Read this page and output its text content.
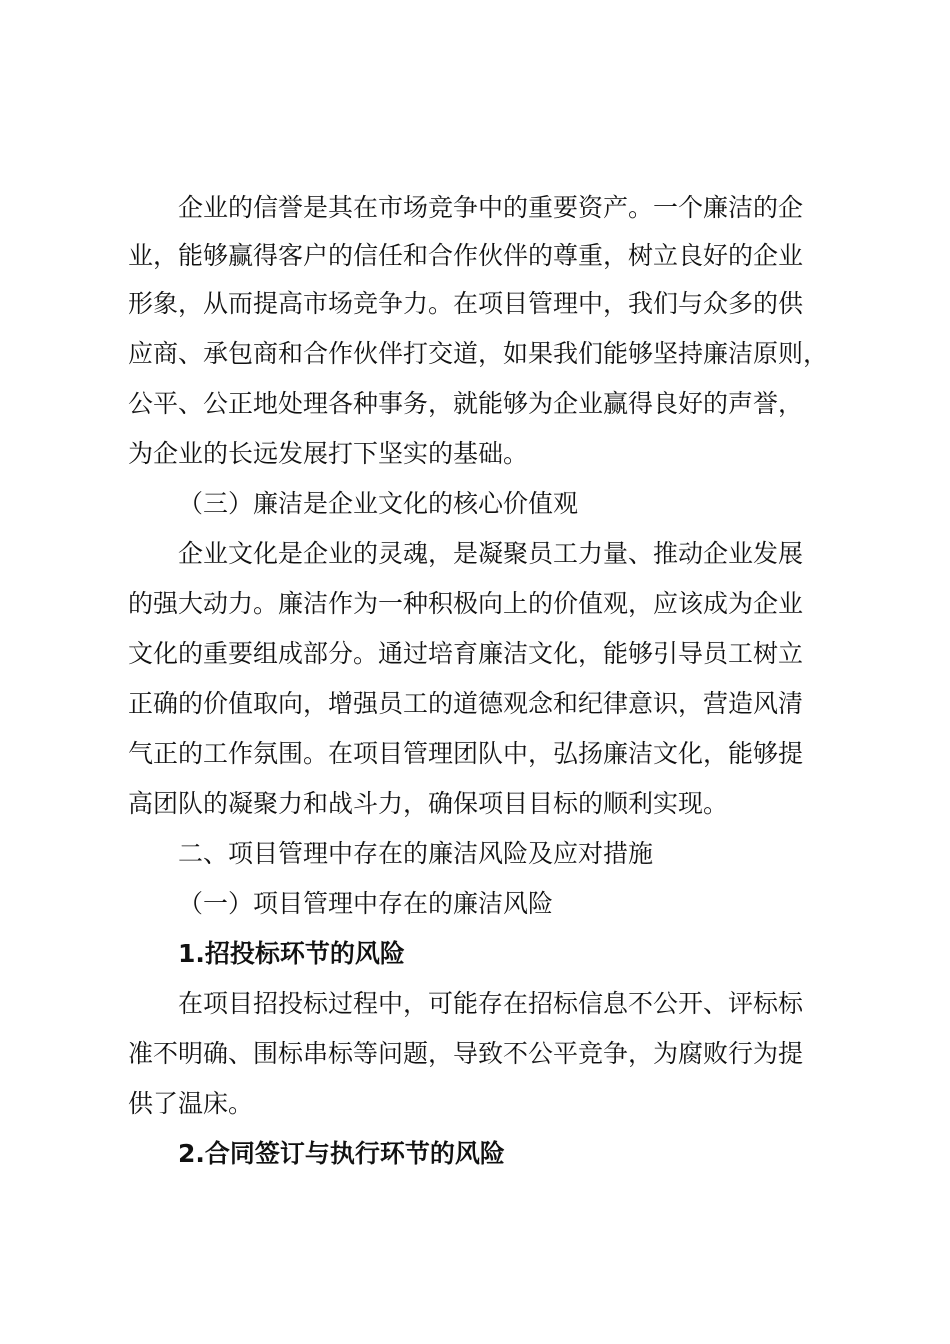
企业的信誉是其在市场竞争中的重要资产。一个廉洁的企
业，能够赢得客户的信任和合作伙伴的尊重，树立良好的企业
形象，从而提高市场竞争力。在项目管理中，我们与众多的供
应商、承包商和合作伙伴打交道，如果我们能够坚持廉洁原则，
公平、公正地处理各种事务，就能够为企业赢得良好的声誉，
为企业的长远发展打下坚实的基础。
（三）廉洁是企业文化的核心价值观
企业文化是企业的灵魂，是凝聚员工力量、推动企业发展
的强大动力。廉洁作为一种积极向上的价值观，应该成为企业
文化的重要组成部分。通过培育廉洁文化，能够引导员工树立
正确的价值取向，增强员工的道德观念和纪律意识，营造风清
气正的工作氛围。在项目管理团队中，弘扬廉洁文化，能够提
高团队的凝聚力和战斗力，确保项目目标的顺利实现。
二、项目管理中存在的廉洁风险及应对措施
（一）项目管理中存在的廉洁风险
1.招投标环节的风险
在项目招投标过程中，可能存在招标信息不公开、评标标
准不明确、围标串标等问题，导致不公平竞争，为腐败行为提
供了温床。
2.合同签订与执行环节的风险
